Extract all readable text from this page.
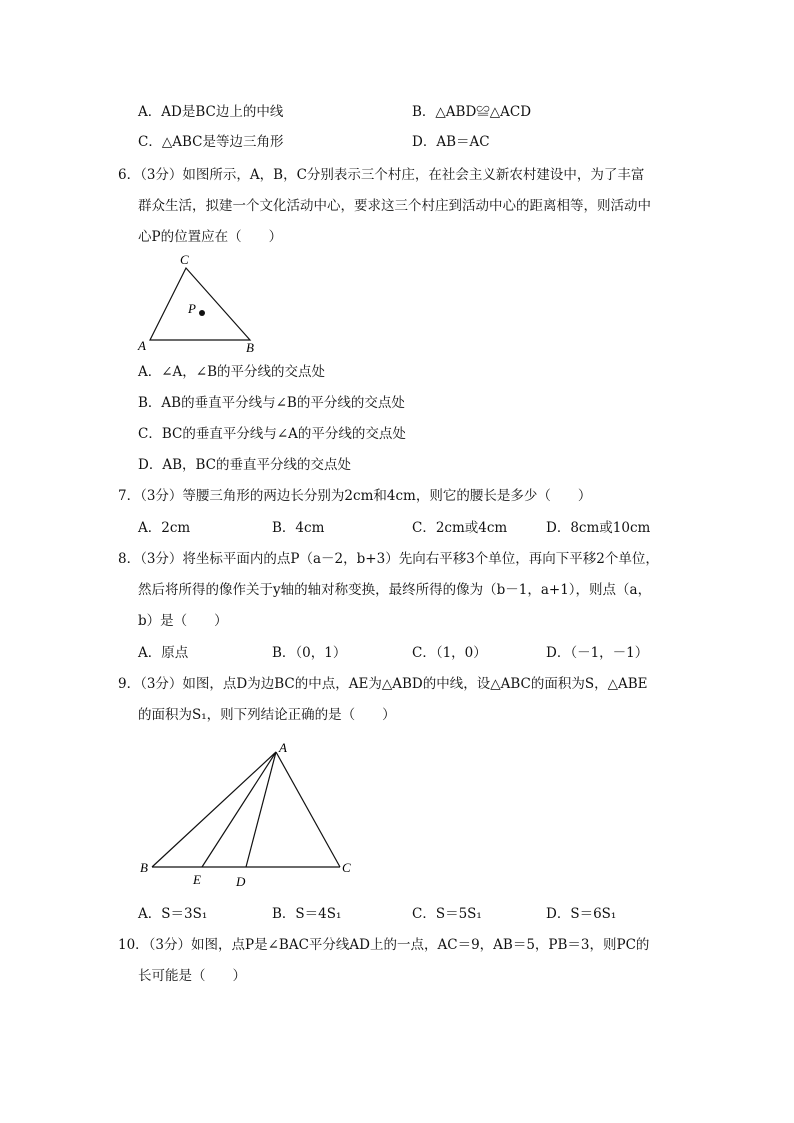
A．AD是BC边上的中线	B．△ABD≌△ACD
C．△ABC是等边三角形	D．AB＝AC
6．（3分）如图所示，A，B，C分别表示三个村庄，在社会主义新农村建设中，为了丰富
群众生活，拟建一个文化活动中心，要求这三个村庄到活动中心的距离相等，则活动中
心P的位置应在（　　）
C
A	B
P
A．∠A，∠B的平分线的交点处
B．AB的垂直平分线与∠B的平分线的交点处
C．BC的垂直平分线与∠A的平分线的交点处
D．AB，BC的垂直平分线的交点处
7．（3分）等腰三角形的两边长分别为2cm和4cm，则它的腰长是多少（　　）
A．2cm	B．4cm	C．2cm或4cm	D．8cm或10cm
8．（3分）将坐标平面内的点P（a－2，b+3）先向右平移3个单位，再向下平移2个单位，
然后将所得的像作关于y轴的轴对称变换，最终所得的像为（b－1，a+1），则点（a，
b）是（　　）
A．原点	B．（0，1）	C．（1，0）	D．（－1，－1）
9．（3分）如图，点D为边BC的中点，AE为△ABD的中线，设△ABC的面积为S，△ABE
的面积为S₁，则下列结论正确的是（　　）
A
B	C
E	D
A．S＝3S₁	B．S＝4S₁	C．S＝5S₁	D．S＝6S₁
10．（3分）如图，点P是∠BAC平分线AD上的一点，AC＝9，AB＝5，PB＝3，则PC的
长可能是（　　）
